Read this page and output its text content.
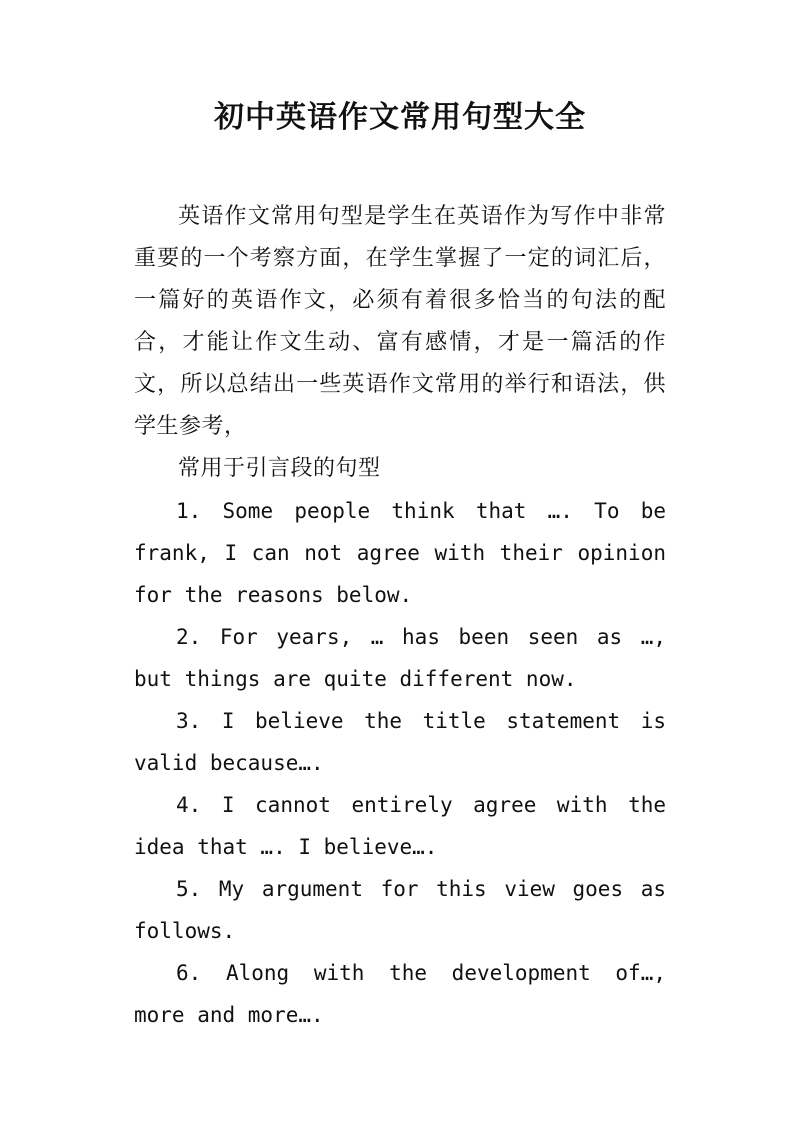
初中英语作文常用句型大全

英语作文常用句型是学生在英语作为写作中非常重要的一个考察方面，在学生掌握了一定的词汇后，一篇好的英语作文，必须有着很多恰当的句法的配合，才能让作文生动、富有感情，才是一篇活的作文，所以总结出一些英语作文常用的举行和语法，供学生参考，

常用于引言段的句型

1. Some people think that …. To be frank, I can not agree with their opinion for the reasons below.

2. For years, … has been seen as …, but things are quite different now.

3. I believe the title statement is valid because….

4. I cannot entirely agree with the idea that …. I believe….

5. My argument for this view goes as follows.

6. Along with the development of…, more and more….
